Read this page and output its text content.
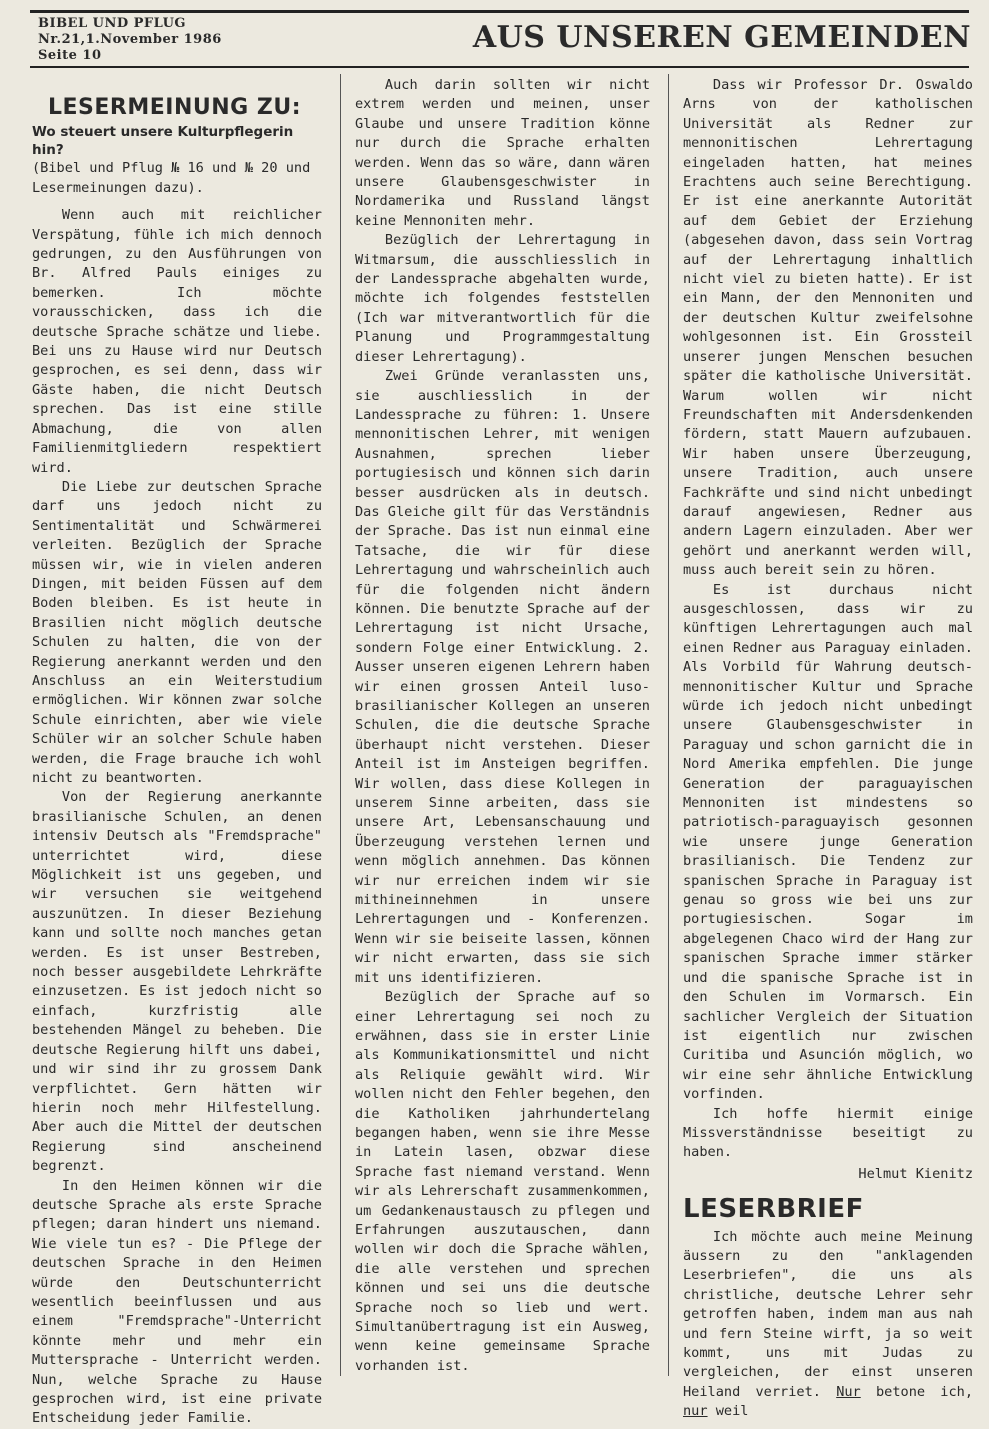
BIBEL UND PFLUG
Nr.21,1.November 1986
Seite 10
AUS UNSEREN GEMEINDEN
LESERMEINUNG ZU:
Wo steuert unsere Kulturpflegerin hin?
(Bibel und Pflug № 16 und № 20 und Lesermeinungen dazu).

Wenn auch mit reichlicher Verspätung, fühle ich mich dennoch gedrungen, zu den Ausführungen von Br. Alfred Pauls einiges zu bemerken. Ich möchte vorausschicken, dass ich die deutsche Sprache schätze und liebe. Bei uns zu Hause wird nur Deutsch gesprochen, es sei denn, dass wir Gäste haben, die nicht Deutsch sprechen. Das ist eine stille Abmachung, die von allen Familienmitgliedern respektiert wird.

Die Liebe zur deutschen Sprache darf uns jedoch nicht zu Sentimentalität und Schwärmerei verleiten. Bezüglich der Sprache müssen wir, wie in vielen anderen Dingen, mit beiden Füssen auf dem Boden bleiben. Es ist heute in Brasilien nicht möglich deutsche Schulen zu halten, die von der Regierung anerkannt werden und den Anschluss an ein Weiterstudium ermöglichen. Wir können zwar solche Schule einrichten, aber wie viele Schüler wir an solcher Schule haben werden, die Frage brauche ich wohl nicht zu beantworten.

Von der Regierung anerkannte brasilianische Schulen, an denen intensiv Deutsch als "Fremdsprache" unterrichtet wird, diese Möglichkeit ist uns gegeben, und wir versuchen sie weitgehend auszunützen. In dieser Beziehung kann und sollte noch manches getan werden. Es ist unser Bestreben, noch besser ausgebildete Lehrkräfte einzusetzen. Es ist jedoch nicht so einfach, kurzfristig alle bestehenden Mängel zu beheben. Die deutsche Regierung hilft uns dabei, und wir sind ihr zu grossem Dank verpflichtet. Gern hätten wir hierin noch mehr Hilfestellung. Aber auch die Mittel der deutschen Regierung sind anscheinend begrenzt.

In den Heimen können wir die deutsche Sprache als erste Sprache pflegen; daran hindert uns niemand. Wie viele tun es? - Die Pflege der deutschen Sprache in den Heimen würde den Deutschunterricht wesentlich beeinflussen und aus einem "Fremdsprache"-Unterricht könnte mehr und mehr ein Muttersprache - Unterricht werden. Nun, welche Sprache zu Hause gesprochen wird, ist eine private Entscheidung jeder Familie.

Auch darin sollten wir nicht extrem werden und meinen, unser Glaube und unsere Tradition könne nur durch die Sprache erhalten werden. Wenn das so wäre, dann wären unsere Glaubensgeschwister in Nordamerika und Russland längst keine Mennoniten mehr.

Bezüglich der Lehrertagung in Witmarsum, die ausschliesslich in der Landessprache abgehalten wurde, möchte ich folgendes feststellen (Ich war mitverantwortlich für die Planung und Programmgestaltung dieser Lehrertagung).

Zwei Gründe veranlassten uns, sie auschliesslich in der Landessprache zu führen: 1. Unsere mennonitischen Lehrer, mit wenigen Ausnahmen, sprechen lieber portugiesisch und können sich darin besser ausdrücken als in deutsch. Das Gleiche gilt für das Verständnis der Sprache. Das ist nun einmal eine Tatsache, die wir für diese Lehrertagung und wahrscheinlich auch für die folgenden nicht ändern können. Die benutzte Sprache auf der Lehrertagung ist nicht Ursache, sondern Folge einer Entwicklung. 2. Ausser unseren eigenen Lehrern haben wir einen grossen Anteil luso-brasilianischer Kollegen an unseren Schulen, die die deutsche Sprache überhaupt nicht verstehen. Dieser Anteil ist im Ansteigen begriffen. Wir wollen, dass diese Kollegen in unserem Sinne arbeiten, dass sie unsere Art, Lebensanschauung und Überzeugung verstehen lernen und wenn möglich annehmen. Das können wir nur erreichen indem wir sie mithineinnehmen in unsere Lehrertagungen und - Konferenzen. Wenn wir sie beiseite lassen, können wir nicht erwarten, dass sie sich mit uns identifizieren.

Bezüglich der Sprache auf so einer Lehrertagung sei noch zu erwähnen, dass sie in erster Linie als Kommunikationsmittel und nicht als Reliquie gewählt wird. Wir wollen nicht den Fehler begehen, den die Katholiken jahrhundertelang begangen haben, wenn sie ihre Messe in Latein lasen, obzwar diese Sprache fast niemand verstand. Wenn wir als Lehrerschaft zusammenkommen, um Gedankenaustausch zu pflegen und Erfahrungen auszutauschen, dann wollen wir doch die Sprache wählen, die alle verstehen und sprechen können und sei uns die deutsche Sprache noch so lieb und wert. Simultanübertragung ist ein Ausweg, wenn keine gemeinsame Sprache vorhanden ist.

Dass wir Professor Dr. Oswaldo Arns von der katholischen Universität als Redner zur mennonitischen Lehrertagung eingeladen hatten, hat meines Erachtens auch seine Berechtigung. Er ist eine anerkannte Autorität auf dem Gebiet der Erziehung (abgesehen davon, dass sein Vortrag auf der Lehrertagung inhaltlich nicht viel zu bieten hatte). Er ist ein Mann, der den Mennoniten und der deutschen Kultur zweifelsohne wohlgesonnen ist. Ein Grossteil unserer jungen Menschen besuchen später die katholische Universität. Warum wollen wir nicht Freundschaften mit Andersdenkenden fördern, statt Mauern aufzubauen. Wir haben unsere Überzeugung, unsere Tradition, auch unsere Fachkräfte und sind nicht unbedingt darauf angewiesen, Redner aus andern Lagern einzuladen. Aber wer gehört und anerkannt werden will, muss auch bereit sein zu hören.

Es ist durchaus nicht ausgeschlossen, dass wir zu künftigen Lehrertagungen auch mal einen Redner aus Paraguay einladen. Als Vorbild für Wahrung deutsch-mennonitischer Kultur und Sprache würde ich jedoch nicht unbedingt unsere Glaubensgeschwister in Paraguay und schon garnicht die in Nord Amerika empfehlen. Die junge Generation der paraguayischen Mennoniten ist mindestens so patriotisch-paraguayisch gesonnen wie unsere junge Generation brasilianisch. Die Tendenz zur spanischen Sprache in Paraguay ist genau so gross wie bei uns zur portugiesischen. Sogar im abgelegenen Chaco wird der Hang zur spanischen Sprache immer stärker und die spanische Sprache ist in den Schulen im Vormarsch. Ein sachlicher Vergleich der Situation ist eigentlich nur zwischen Curitiba und Asunción möglich, wo wir eine sehr ähnliche Entwicklung vorfinden.

Ich hoffe hiermit einige Missverständnisse beseitigt zu haben.

Helmut Kienitz
LESERBRIEF

Ich möchte auch meine Meinung äussern zu den "anklagenden Leserbriefen", die uns als christliche, deutsche Lehrer sehr getroffen haben, indem man aus nah und fern Steine wirft, ja so weit kommt, uns mit Judas zu vergleichen, der einst unseren Heiland verriet. Nur betone ich, nur weil
